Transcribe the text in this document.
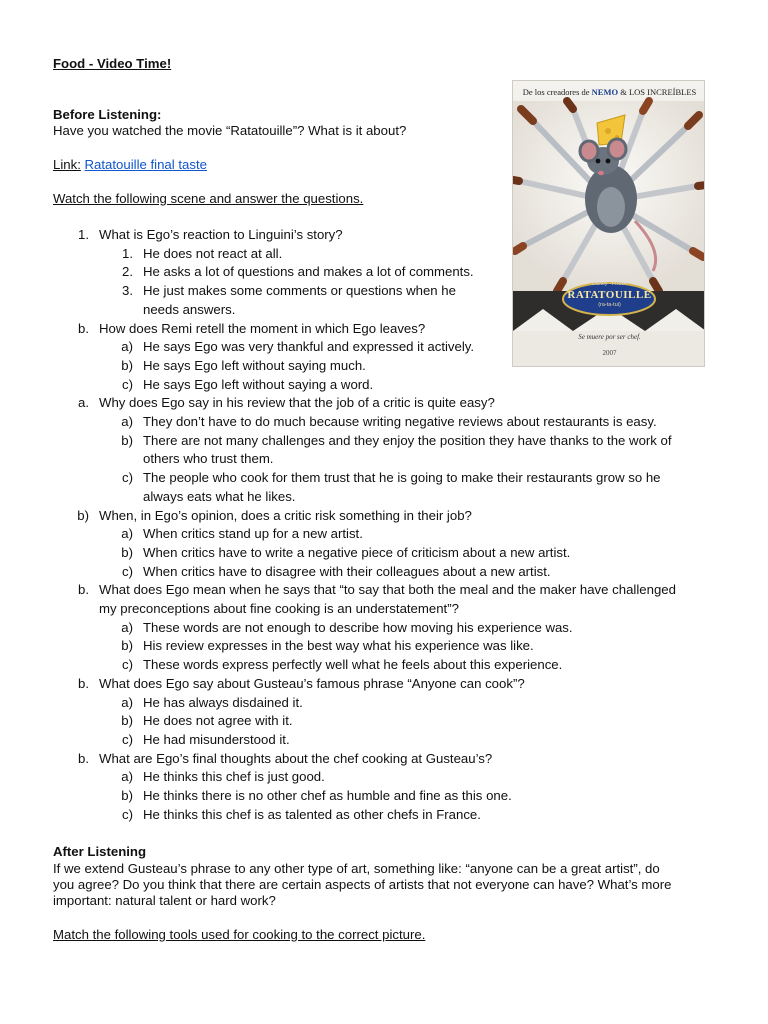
Food - Video Time!
Before Listening:
Have you watched the movie “Ratatouille”? What is it about?
Link: Ratatouille final taste
Watch the following scene and answer the questions.
1. What is Ego’s reaction to Linguini’s story?
1. He does not react at all.
2. He asks a lot of questions and makes a lot of comments.
3. He just makes some comments or questions when he
needs answers.
b. How does Remi retell the moment in which Ego leaves?
a) He says Ego was very thankful and expressed it actively.
b) He says Ego left without saying much.
c) He says Ego left without saying a word.
a. Why does Ego say in his review that the job of a critic is quite easy?
a) They don’t have to do much because writing negative reviews about restaurants is easy.
b) There are not many challenges and they enjoy the position they have thanks to the work of
others who trust them.
c) The people who cook for them trust that he is going to make their restaurants grow so he
always eats what he likes.
b) When, in Ego’s opinion, does a critic risk something in their job?
a) When critics stand up for a new artist.
b) When critics have to write a negative piece of criticism about a new artist.
c) When critics have to disagree with their colleagues about a new artist.
b. What does Ego mean when he says that “to say that both the meal and the maker have challenged
my preconceptions about fine cooking is an understatement”?
a) These words are not enough to describe how moving his experience was.
b) His review expresses in the best way what his experience was like.
c) These words express perfectly well what he feels about this experience.
b. What does Ego say about Gusteau’s famous phrase “Anyone can cook”?
a) He has always disdained it.
b) He does not agree with it.
c) He had misunderstood it.
b. What are Ego’s final thoughts about the chef cooking at Gusteau’s?
a) He thinks this chef is just good.
b) He thinks there is no other chef as humble and fine as this one.
c) He thinks this chef is as talented as other chefs in France.
After Listening
If we extend Gusteau’s phrase to any other type of art, something like: “anyone can be a great artist”, do
you agree? Do you think that there are certain aspects of artists that not everyone can have? What’s more
important: natural talent or hard work?
Match the following tools used for cooking to the correct picture.
De los creadores de NEMO & LOS INCREÍBLES
Disney · PIXAR
RATATOUILLE
(ra-ta-tui)
Se muere por ser chef.
2007
